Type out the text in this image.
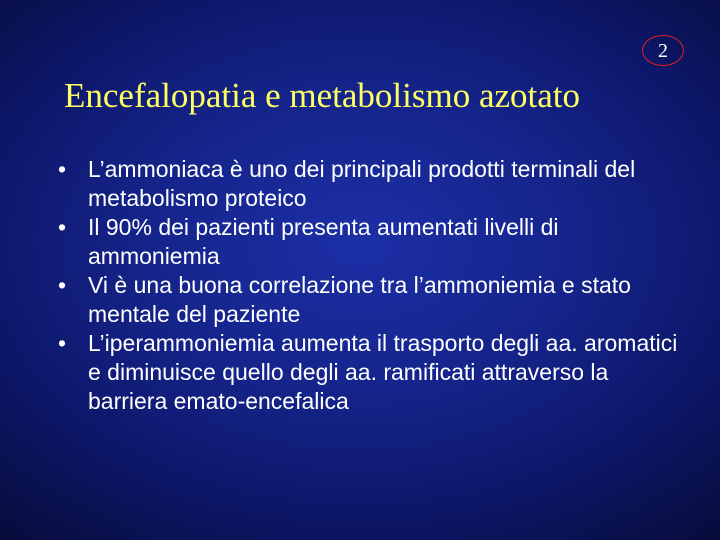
2
Encefalopatia e metabolismo azotato
• L’ammoniaca è uno dei principali prodotti terminali del metabolismo proteico
• Il 90% dei pazienti presenta aumentati livelli di ammoniemia
• Vi è una buona correlazione tra l’ammoniemia e stato mentale del paziente
• L’iperammoniemia aumenta il trasporto degli aa. aromatici e diminuisce quello degli aa. ramificati attraverso la barriera emato-encefalica
